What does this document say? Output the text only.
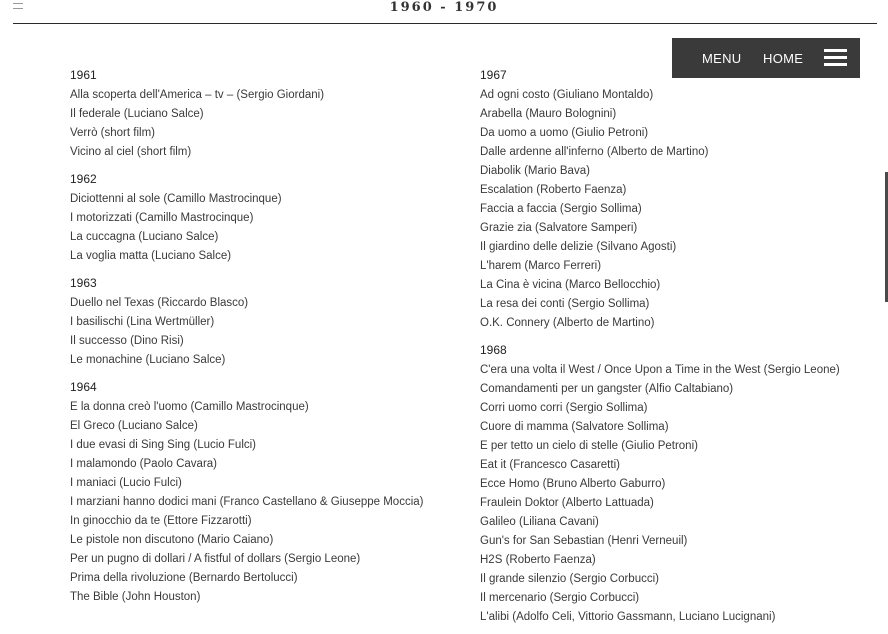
1960 - 1970
MENU HOME
1961
Alla scoperta dell'America – tv – (Sergio Giordani)
Il federale (Luciano Salce)
Verrò (short film)
Vicino al ciel (short film)
1962
Diciottenni al sole (Camillo Mastrocinque)
I motorizzati (Camillo Mastrocinque)
La cuccagna (Luciano Salce)
La voglia matta (Luciano Salce)
1963
Duello nel Texas (Riccardo Blasco)
I basilischi (Lina Wertmüller)
Il successo (Dino Risi)
Le monachine (Luciano Salce)
1964
E la donna creò l'uomo (Camillo Mastrocinque)
El Greco (Luciano Salce)
I due evasi di Sing Sing (Lucio Fulci)
I malamondo (Paolo Cavara)
I maniaci (Lucio Fulci)
I marziani hanno dodici mani (Franco Castellano & Giuseppe Moccia)
In ginocchio da te (Ettore Fizzarotti)
Le pistole non discutono (Mario Caiano)
Per un pugno di dollari / A fistful of dollars (Sergio Leone)
Prima della rivoluzione (Bernardo Bertolucci)
The Bible (John Houston)
1967
Ad ogni costo (Giuliano Montaldo)
Arabella (Mauro Bolognini)
Da uomo a uomo (Giulio Petroni)
Dalle ardenne all'inferno (Alberto de Martino)
Diabolik (Mario Bava)
Escalation (Roberto Faenza)
Faccia a faccia (Sergio Sollima)
Grazie zia (Salvatore Samperi)
Il giardino delle delizie (Silvano Agosti)
L'harem (Marco Ferreri)
La Cina è vicina (Marco Bellocchio)
La resa dei conti (Sergio Sollima)
O.K. Connery (Alberto de Martino)
1968
C'era una volta il West / Once Upon a Time in the West (Sergio Leone)
Comandamenti per un gangster (Alfio Caltabiano)
Corri uomo corri (Sergio Sollima)
Cuore di mamma (Salvatore Sollima)
E per tetto un cielo di stelle (Giulio Petroni)
Eat it (Francesco Casaretti)
Ecce Homo (Bruno Alberto Gaburro)
Fraulein Doktor (Alberto Lattuada)
Galileo (Liliana Cavani)
Gun's for San Sebastian (Henri Verneuil)
H2S (Roberto Faenza)
Il grande silenzio (Sergio Corbucci)
Il mercenario (Sergio Corbucci)
L'alibi (Adolfo Celi, Vittorio Gassmann, Luciano Lucignani)
